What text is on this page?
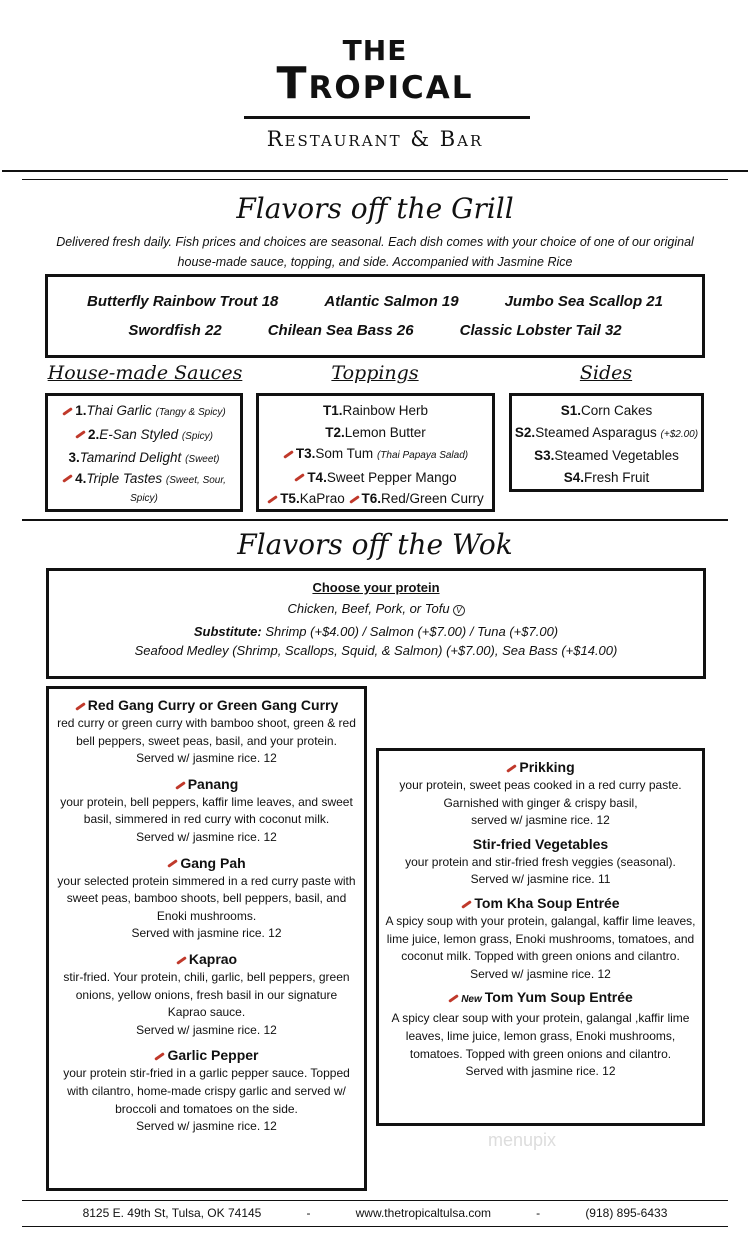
THE
Tropical
Restaurant & Bar
Flavors off the Grill
Delivered fresh daily. Fish prices and choices are seasonal. Each dish comes with your choice of one of our original
house-made sauce, topping, and side. Accompanied with Jasmine Rice
Butterfly Rainbow Trout 18	Atlantic Salmon 19	Jumbo Sea Scallop 21
Swordfish 22	Chilean Sea Bass 26	Classic Lobster Tail 32
House-made Sauces	Toppings	Sides
1.Thai Garlic (Tangy & Spicy)
2.E-San Styled (Spicy)
3.Tamarind Delight (Sweet)
4.Triple Tastes (Sweet, Sour, Spicy)
T1.Rainbow Herb
T2.Lemon Butter
T3.Som Tum (Thai Papaya Salad)
T4.Sweet Pepper Mango
T5.KaPrao T6.Red/Green Curry
S1.Corn Cakes
S2.Steamed Asparagus (+$2.00)
S3.Steamed Vegetables
S4.Fresh Fruit
Flavors off the Wok
Choose your protein
Chicken, Beef, Pork, or Tofu V
Substitute: Shrimp (+$4.00) / Salmon (+$7.00) / Tuna (+$7.00)
Seafood Medley (Shrimp, Scallops, Squid, & Salmon) (+$7.00), Sea Bass (+$14.00)
Red Gang Curry or Green Gang Curry
red curry or green curry with bamboo shoot, green & red bell peppers, sweet peas, basil, and your protein.
Served w/ jasmine rice. 12
Panang
your protein, bell peppers, kaffir lime leaves, and sweet basil, simmered in red curry with coconut milk.
Served w/ jasmine rice. 12
Gang Pah
your selected protein simmered in a red curry paste with sweet peas, bamboo shoots, bell peppers, basil, and Enoki mushrooms.
Served with jasmine rice. 12
Kaprao
stir-fried. Your protein, chili, garlic, bell peppers, green onions, yellow onions, fresh basil in our signature Kaprao sauce.
Served w/ jasmine rice. 12
Garlic Pepper
your protein stir-fried in a garlic pepper sauce. Topped with cilantro, home-made crispy garlic and served w/ broccoli and tomatoes on the side.
Served w/ jasmine rice. 12
Prikking
your protein, sweet peas cooked in a red curry paste. Garnished with ginger & crispy basil,
served w/ jasmine rice. 12
Stir-fried Vegetables
your protein and stir-fried fresh veggies (seasonal).
Served w/ jasmine rice. 11
Tom Kha Soup Entrée
A spicy soup with your protein, galangal, kaffir lime leaves, lime juice, lemon grass, Enoki mushrooms, tomatoes, and coconut milk. Topped with green onions and cilantro.
Served w/ jasmine rice. 12
New Tom Yum Soup Entrée
A spicy clear soup with your protein, galangal ,kaffir lime leaves, lime juice, lemon grass, Enoki mushrooms, tomatoes. Topped with green onions and cilantro.
Served with jasmine rice. 12
menupix
8125 E. 49th St, Tulsa, OK 74145	-	www.thetropicaltulsa.com	-	(918) 895-6433
